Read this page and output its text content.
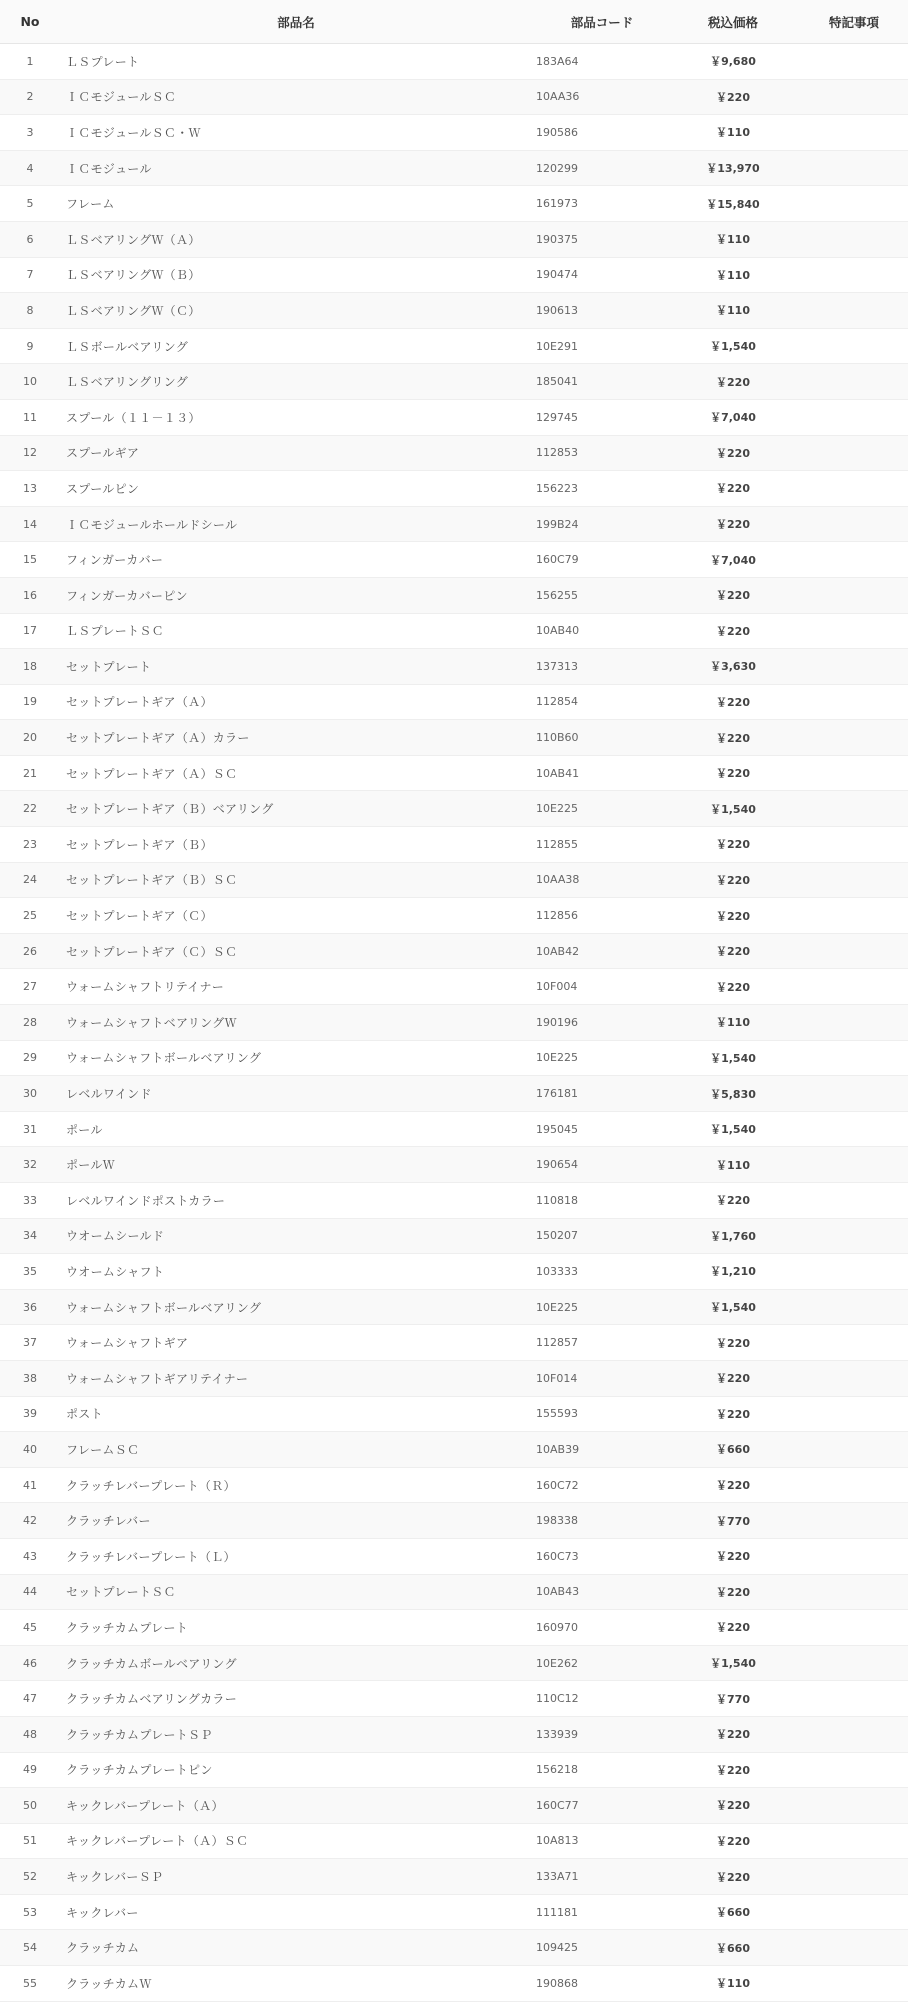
No	部品名	部品コード	税込価格	特記事項
1	ＬＳプレート	183A64	￥9,680
2	ＩＣモジュールＳＣ	10AA36	￥220
3	ＩＣモジュールＳＣ・Ｗ	190586	￥110
4	ＩＣモジュール	120299	￥13,970
5	フレーム	161973	￥15,840
6	ＬＳベアリングＷ（Ａ）	190375	￥110
7	ＬＳベアリングＷ（Ｂ）	190474	￥110
8	ＬＳベアリングＷ（Ｃ）	190613	￥110
9	ＬＳボールベアリング	10E291	￥1,540
10	ＬＳベアリングリング	185041	￥220
11	スプール（１１－１３）	129745	￥7,040
12	スプールギア	112853	￥220
13	スプールピン	156223	￥220
14	ＩＣモジュールホールドシール	199B24	￥220
15	フィンガーカバー	160C79	￥7,040
16	フィンガーカバーピン	156255	￥220
17	ＬＳプレートＳＣ	10AB40	￥220
18	セットプレート	137313	￥3,630
19	セットプレートギア（Ａ）	112854	￥220
20	セットプレートギア（Ａ）カラー	110B60	￥220
21	セットプレートギア（Ａ）ＳＣ	10AB41	￥220
22	セットプレートギア（Ｂ）ベアリング	10E225	￥1,540
23	セットプレートギア（Ｂ）	112855	￥220
24	セットプレートギア（Ｂ）ＳＣ	10AA38	￥220
25	セットプレートギア（Ｃ）	112856	￥220
26	セットプレートギア（Ｃ）ＳＣ	10AB42	￥220
27	ウォームシャフトリテイナー	10F004	￥220
28	ウォームシャフトベアリングＷ	190196	￥110
29	ウォームシャフトボールベアリング	10E225	￥1,540
30	レベルワインド	176181	￥5,830
31	ポール	195045	￥1,540
32	ポールＷ	190654	￥110
33	レベルワインドポストカラー	110818	￥220
34	ウオームシールド	150207	￥1,760
35	ウオームシャフト	103333	￥1,210
36	ウォームシャフトボールベアリング	10E225	￥1,540
37	ウォームシャフトギア	112857	￥220
38	ウォームシャフトギアリテイナー	10F014	￥220
39	ポスト	155593	￥220
40	フレームＳＣ	10AB39	￥660
41	クラッチレバープレート（Ｒ）	160C72	￥220
42	クラッチレバー	198338	￥770
43	クラッチレバープレート（Ｌ）	160C73	￥220
44	セットプレートＳＣ	10AB43	￥220
45	クラッチカムプレート	160970	￥220
46	クラッチカムボールベアリング	10E262	￥1,540
47	クラッチカムベアリングカラー	110C12	￥770
48	クラッチカムプレートＳＰ	133939	￥220
49	クラッチカムプレートピン	156218	￥220
50	キックレバープレート（Ａ）	160C77	￥220
51	キックレバープレート（Ａ）ＳＣ	10A813	￥220
52	キックレバーＳＰ	133A71	￥220
53	キックレバー	111181	￥660
54	クラッチカム	109425	￥660
55	クラッチカムＷ	190868	￥110
